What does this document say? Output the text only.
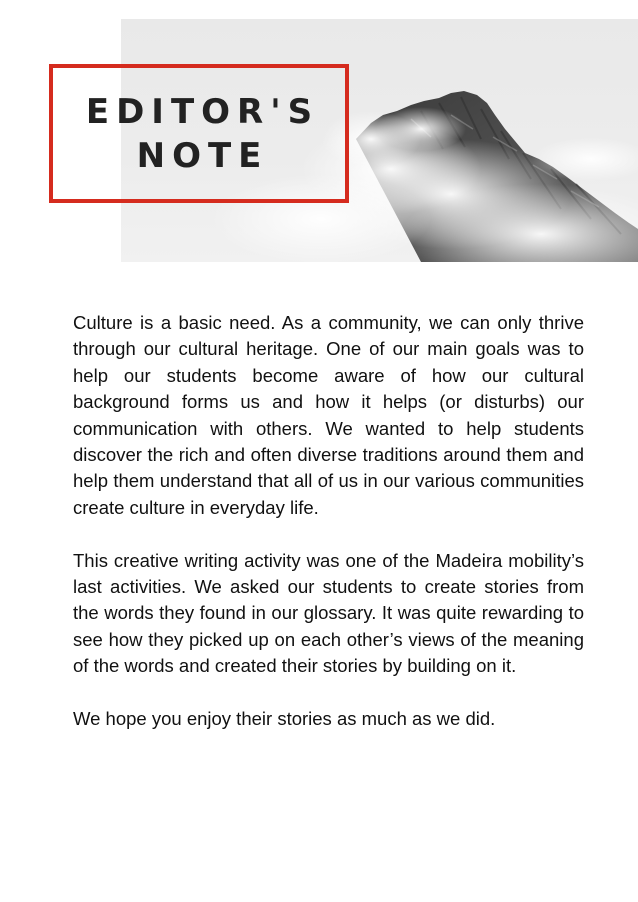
EDITOR'S
NOTE

Culture is a basic need. As a community, we can only thrive through our cultural heritage. One of our main goals was to help our students become aware of how our cultural background forms us and how it helps (or disturbs) our communication with others. We wanted to help students discover the rich and often diverse traditions around them and help them understand that all of us in our various communities create culture in everyday life.

This creative writing activity was one of the Madeira mobility’s last activities. We asked our students to create stories from the words they found in our glossary. It was quite rewarding to see how they picked up on each other’s views of the meaning of the words and created their stories by building on it.

We hope you enjoy their stories as much as we did.
